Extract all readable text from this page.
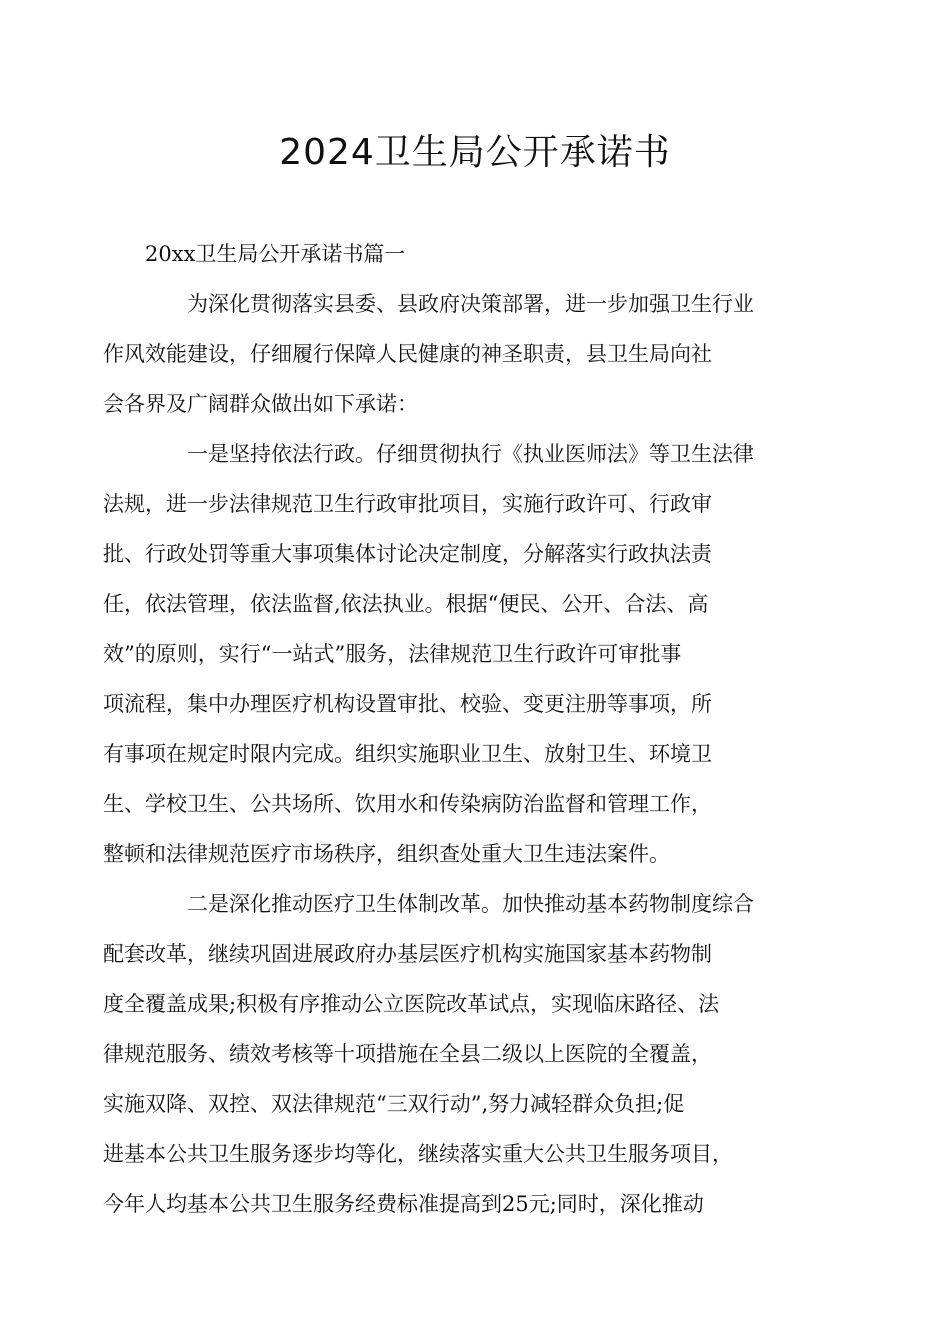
2024卫生局公开承诺书
20xx卫生局公开承诺书篇一
为深化贯彻落实县委、县政府决策部署，进一步加强卫生行业
作风效能建设，仔细履行保障人民健康的神圣职责，县卫生局向社
会各界及广阔群众做出如下承诺：
一是坚持依法行政。仔细贯彻执行《执业医师法》等卫生法律
法规，进一步法律规范卫生行政审批项目，实施行政许可、行政审
批、行政处罚等重大事项集体讨论决定制度，分解落实行政执法责
任，依法管理，依法监督,依法执业。根据“便民、公开、合法、高
效”的原则，实行“一站式”服务，法律规范卫生行政许可审批事
项流程，集中办理医疗机构设置审批、校验、变更注册等事项，所
有事项在规定时限内完成。组织实施职业卫生、放射卫生、环境卫
生、学校卫生、公共场所、饮用水和传染病防治监督和管理工作，
整顿和法律规范医疗市场秩序，组织查处重大卫生违法案件。
二是深化推动医疗卫生体制改革。加快推动基本药物制度综合
配套改革，继续巩固进展政府办基层医疗机构实施国家基本药物制
度全覆盖成果;积极有序推动公立医院改革试点，实现临床路径、法
律规范服务、绩效考核等十项措施在全县二级以上医院的全覆盖，
实施双降、双控、双法律规范“三双行动”,努力减轻群众负担;促
进基本公共卫生服务逐步均等化，继续落实重大公共卫生服务项目，
今年人均基本公共卫生服务经费标准提高到25元;同时，深化推动
